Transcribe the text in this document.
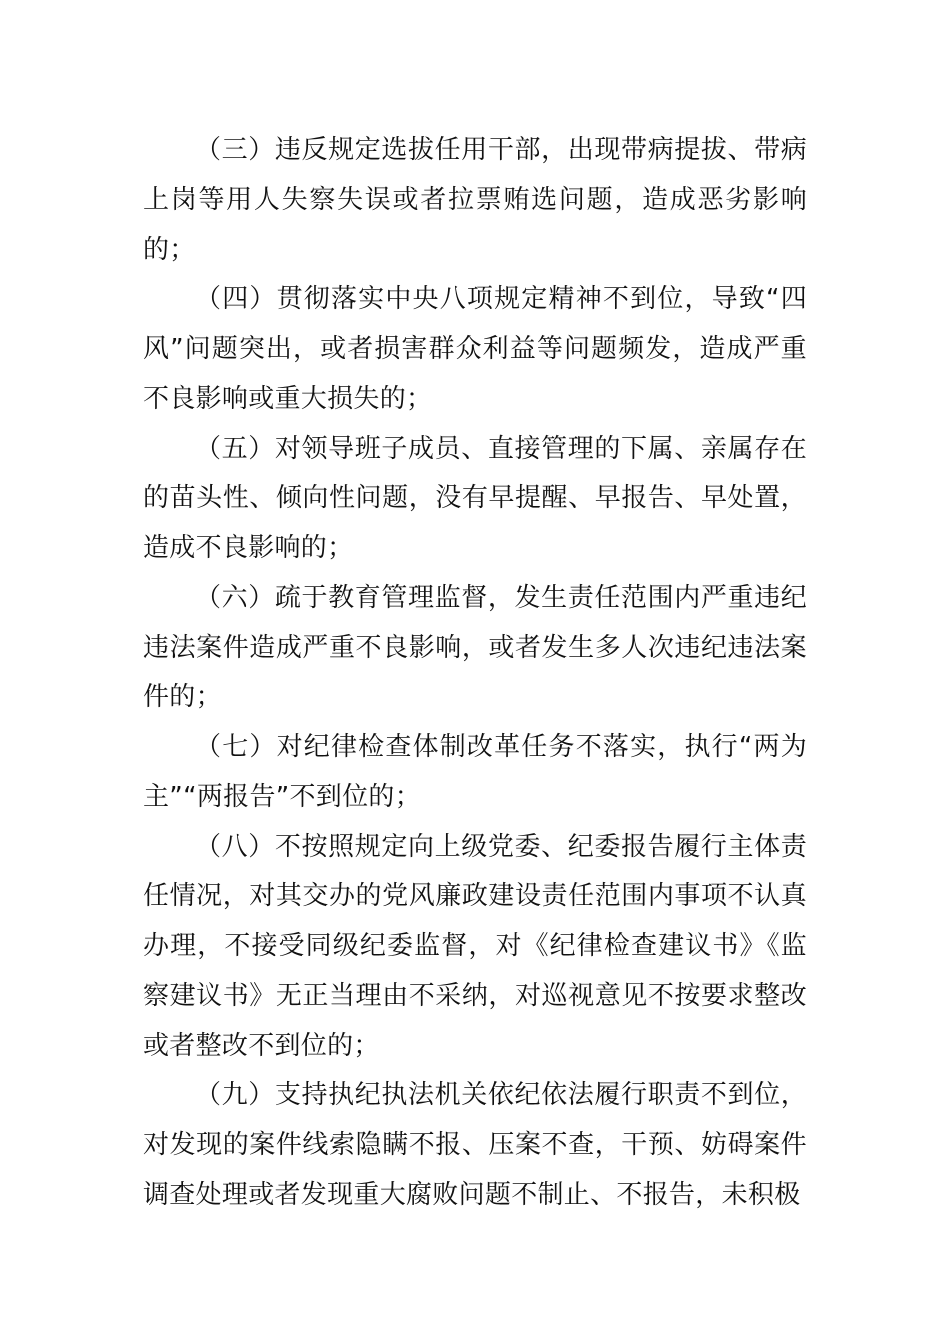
（三）违反规定选拔任用干部，出现带病提拔、带病上岗等用人失察失误或者拉票贿选问题，造成恶劣影响的；

（四）贯彻落实中央八项规定精神不到位，导致“四风”问题突出，或者损害群众利益等问题频发，造成严重不良影响或重大损失的；

（五）对领导班子成员、直接管理的下属、亲属存在的苗头性、倾向性问题，没有早提醒、早报告、早处置，造成不良影响的；

（六）疏于教育管理监督，发生责任范围内严重违纪违法案件造成严重不良影响，或者发生多人次违纪违法案件的；

（七）对纪律检查体制改革任务不落实，执行“两为主”“两报告”不到位的；

（八）不按照规定向上级党委、纪委报告履行主体责任情况，对其交办的党风廉政建设责任范围内事项不认真办理，不接受同级纪委监督，对《纪律检查建议书》《监察建议书》无正当理由不采纳，对巡视意见不按要求整改或者整改不到位的；

（九）支持执纪执法机关依纪依法履行职责不到位，对发现的案件线索隐瞒不报、压案不查，干预、妨碍案件调查处理或者发现重大腐败问题不制止、不报告，未积极
